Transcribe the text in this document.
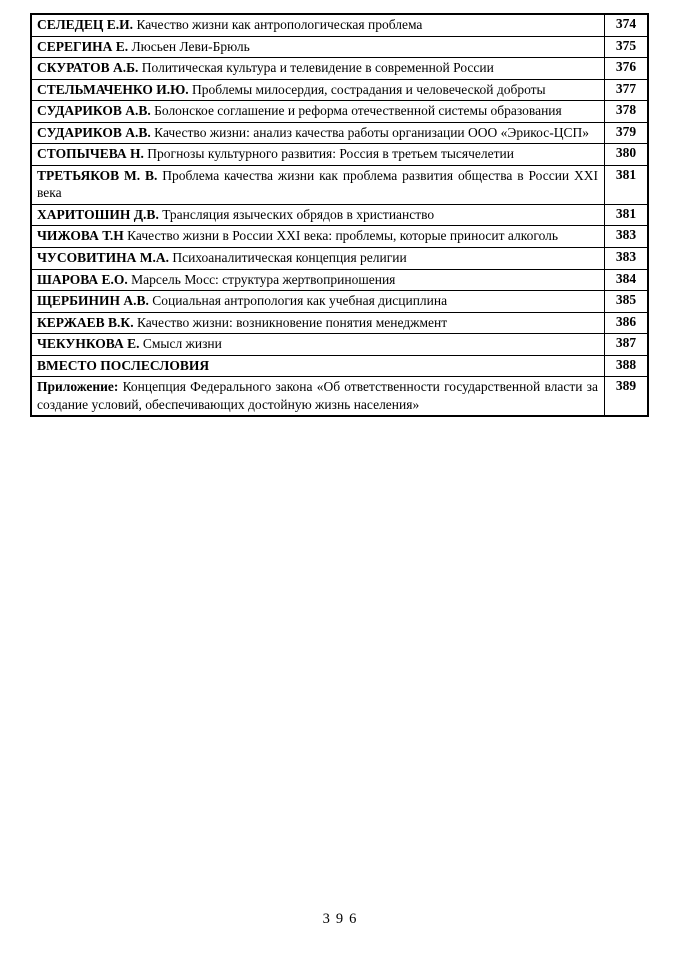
СЕЛЕДЕЦ Е.И. Качество жизни как антропологическая проблема	374
СЕРЕГИНА Е. Люсьен Леви-Брюль	375
СКУРАТОВ А.Б. Политическая культура и телевидение в современной России	376
СТЕЛЬМАЧЕНКО И.Ю. Проблемы милосердия, сострадания и человеческой доброты	377
СУДАРИКОВ А.В. Болонское соглашение и реформа отечественной системы образования	378
СУДАРИКОВ А.В. Качество жизни: анализ качества работы организации ООО «Эрикос-ЦСП»	379
СТОПЫЧЕВА Н. Прогнозы культурного развития: Россия в третьем тысячелетии	380
ТРЕТЬЯКОВ М. В. Проблема качества жизни как проблема развития общества в России XXI века	381
ХАРИТОШИН Д.В. Трансляция языческих обрядов в христианство	381
ЧИЖОВА Т.Н Качество жизни в России XXI века: проблемы, которые приносит алкоголь	383
ЧУСОВИТИНА М.А. Психоаналитическая концепция религии	383
ШАРОВА Е.О. Марсель Мосс: структура жертвоприношения	384
ЩЕРБИНИН А.В. Социальная антропология как учебная дисциплина	385
КЕРЖАЕВ В.К. Качество жизни: возникновение понятия менеджмент	386
ЧЕКУНКОВА Е. Смысл жизни	387
ВМЕСТО ПОСЛЕСЛОВИЯ	388
Приложение: Концепция Федерального закона «Об ответственности государственной власти за создание условий, обеспечивающих достойную жизнь населения»	389
396
